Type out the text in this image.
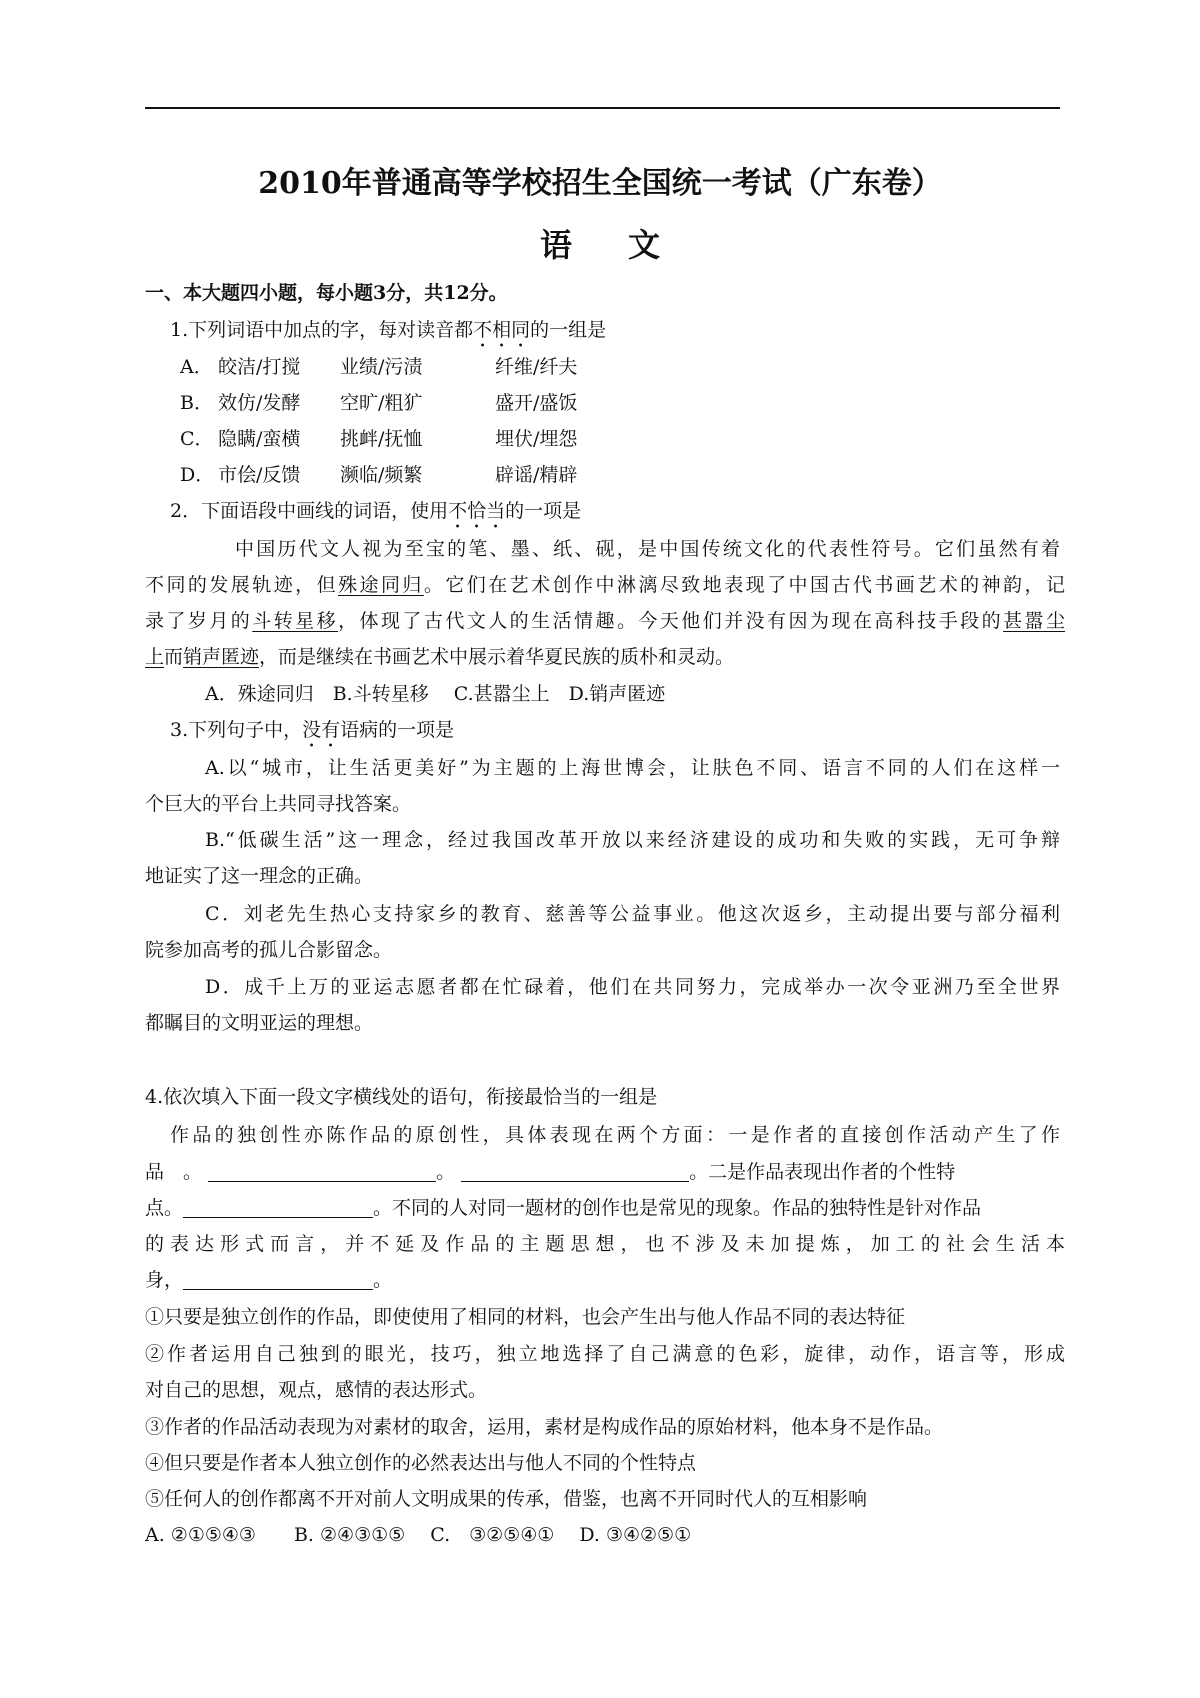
2010年普通高等学校招生全国统一考试（广东卷）
语文
一、本大题四小题，每小题3分，共12分。
1.下列词语中加点的字，每对读音都不相同的一组是
A． 皎洁/打搅 业绩/污渍	纤维/纤夫
B． 效仿/发酵 空旷/粗犷	盛开/盛饭
C． 隐瞒/蛮横 挑衅/抚恤	埋伏/埋怨
D． 市侩/反馈 濒临/频繁	辟谣/精辟
2．下面语段中画线的词语，使用不恰当的一项是
中国历代文人视为至宝的笔、墨、纸、砚，是中国传统文化的代表性符号。它们虽然有着
不同的发展轨迹，但殊途同归。它们在艺术创作中淋漓尽致地表现了中国古代书画艺术的神韵，记
录了岁月的斗转星移，体现了古代文人的生活情趣。今天他们并没有因为现在高科技手段的甚嚣尘
上而销声匿迹，而是继续在书画艺术中展示着华夏民族的质朴和灵动。
A．殊途同归　B.斗转星移　 C.甚嚣尘上　D.销声匿迹
3.下列句子中，没有语病的一项是
A.以“城市，让生活更美好”为主题的上海世博会，让肤色不同、语言不同的人们在这样一
个巨大的平台上共同寻找答案。
B.“低碳生活”这一理念，经过我国改革开放以来经济建设的成功和失败的实践，无可争辩
地证实了这一理念的正确。
C．刘老先生热心支持家乡的教育、慈善等公益事业。他这次返乡，主动提出要与部分福利
院参加高考的孤儿合影留念。
D．成千上万的亚运志愿者都在忙碌着，他们在共同努力，完成举办一次令亚洲乃至全世界
都瞩目的文明亚运的理想。
4.依次填入下面一段文字横线处的语句，衔接最恰当的一组是
作品的独创性亦陈作品的原创性，具体表现在两个方面：一是作者的直接创作活动产生了作
品　。	。	。二是作品表现出作者的个性特
点。	。不同的人对同一题材的创作也是常见的现象。作品的独特性是针对作品
的表达形式而言，并不延及作品的主题思想，也不涉及未加提炼，加工的社会生活本
身，	。
①只要是独立创作的作品，即使使用了相同的材料，也会产生出与他人作品不同的表达特征
②作者运用自己独到的眼光，技巧，独立地选择了自己满意的色彩，旋律，动作，语言等，形成
对自己的思想，观点，感情的表达形式。
③作者的作品活动表现为对素材的取舍，运用，素材是构成作品的原始材料，他本身不是作品。
④但只要是作者本人独立创作的必然表达出与他人不同的个性特点
⑤任何人的创作都离不开对前人文明成果的传承，借鉴，也离不开同时代人的互相影响
A. ②①⑤④③　　B. ②④③①⑤　 C.　③②⑤④①　 D. ③④②⑤①
